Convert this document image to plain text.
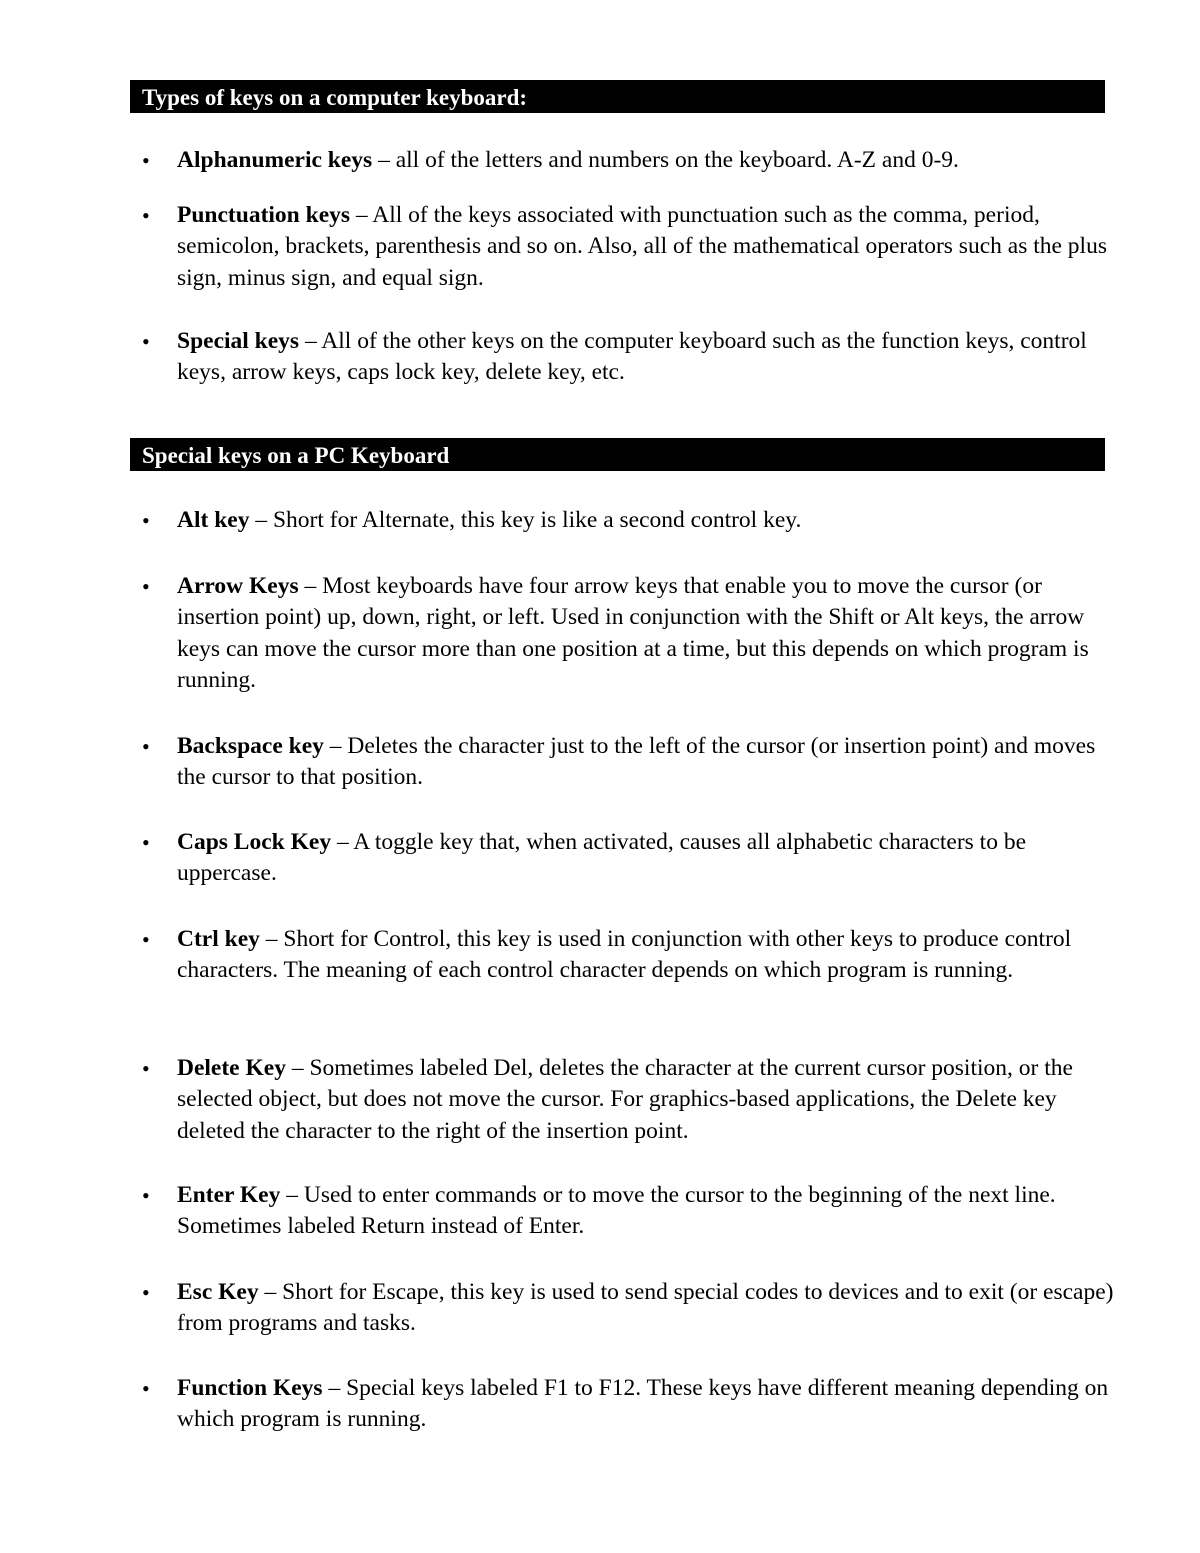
Types of keys on a computer keyboard:
• Alphanumeric keys – all of the letters and numbers on the keyboard. A-Z and 0-9.
• Punctuation keys – All of the keys associated with punctuation such as the comma, period, semicolon, brackets, parenthesis and so on. Also, all of the mathematical operators such as the plus sign, minus sign, and equal sign.
• Special keys – All of the other keys on the computer keyboard such as the function keys, control keys, arrow keys, caps lock key, delete key, etc.
Special keys on a PC Keyboard
• Alt key – Short for Alternate, this key is like a second control key.
• Arrow Keys – Most keyboards have four arrow keys that enable you to move the cursor (or insertion point) up, down, right, or left. Used in conjunction with the Shift or Alt keys, the arrow keys can move the cursor more than one position at a time, but this depends on which program is running.
• Backspace key – Deletes the character just to the left of the cursor (or insertion point) and moves the cursor to that position.
• Caps Lock Key – A toggle key that, when activated, causes all alphabetic characters to be uppercase.
• Ctrl key – Short for Control, this key is used in conjunction with other keys to produce control characters. The meaning of each control character depends on which program is running.
• Delete Key – Sometimes labeled Del, deletes the character at the current cursor position, or the selected object, but does not move the cursor. For graphics-based applications, the Delete key deleted the character to the right of the insertion point.
• Enter Key – Used to enter commands or to move the cursor to the beginning of the next line. Sometimes labeled Return instead of Enter.
• Esc Key – Short for Escape, this key is used to send special codes to devices and to exit (or escape) from programs and tasks.
• Function Keys – Special keys labeled F1 to F12. These keys have different meaning depending on which program is running.
